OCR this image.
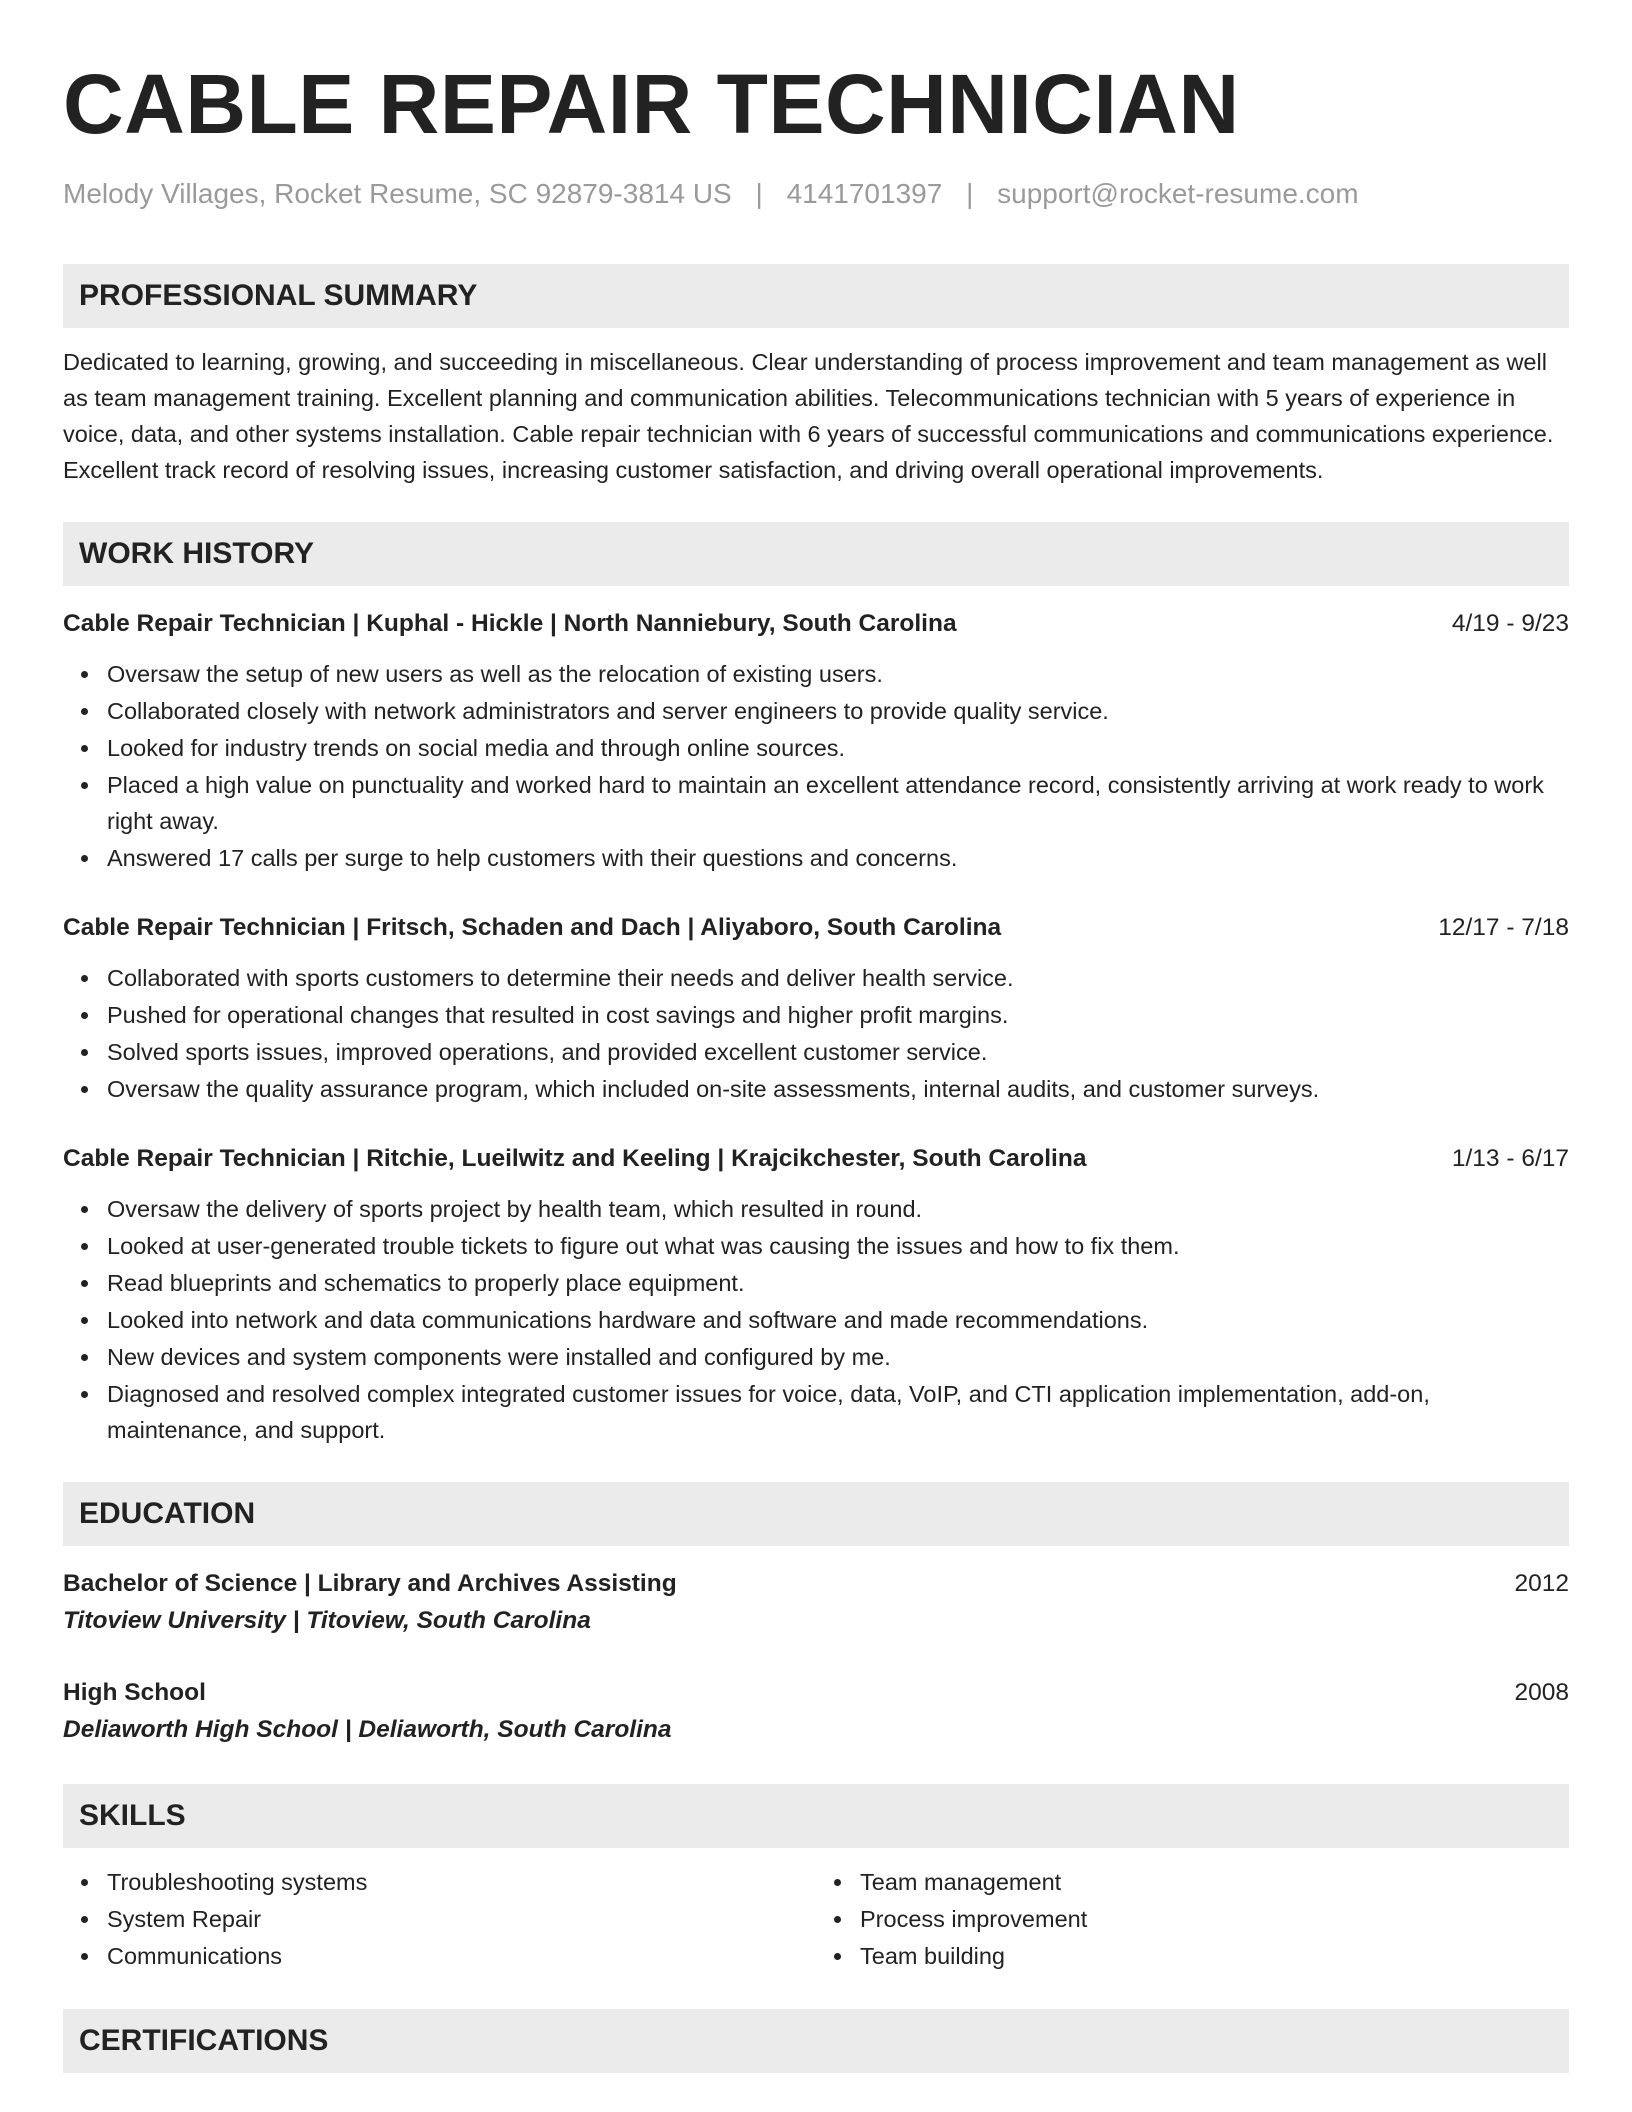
CABLE REPAIR TECHNICIAN
Melody Villages, Rocket Resume, SC 92879-3814 US | 4141701397 | support@rocket-resume.com
PROFESSIONAL SUMMARY
Dedicated to learning, growing, and succeeding in miscellaneous. Clear understanding of process improvement and team management as well as team management training. Excellent planning and communication abilities. Telecommunications technician with 5 years of experience in voice, data, and other systems installation. Cable repair technician with 6 years of successful communications and communications experience. Excellent track record of resolving issues, increasing customer satisfaction, and driving overall operational improvements.
WORK HISTORY
Cable Repair Technician | Kuphal - Hickle | North Nanniebury, South Carolina	4/19 - 9/23
Oversaw the setup of new users as well as the relocation of existing users.
Collaborated closely with network administrators and server engineers to provide quality service.
Looked for industry trends on social media and through online sources.
Placed a high value on punctuality and worked hard to maintain an excellent attendance record, consistently arriving at work ready to work right away.
Answered 17 calls per surge to help customers with their questions and concerns.
Cable Repair Technician | Fritsch, Schaden and Dach | Aliyaboro, South Carolina	12/17 - 7/18
Collaborated with sports customers to determine their needs and deliver health service.
Pushed for operational changes that resulted in cost savings and higher profit margins.
Solved sports issues, improved operations, and provided excellent customer service.
Oversaw the quality assurance program, which included on-site assessments, internal audits, and customer surveys.
Cable Repair Technician | Ritchie, Lueilwitz and Keeling | Krajcikchester, South Carolina	1/13 - 6/17
Oversaw the delivery of sports project by health team, which resulted in round.
Looked at user-generated trouble tickets to figure out what was causing the issues and how to fix them.
Read blueprints and schematics to properly place equipment.
Looked into network and data communications hardware and software and made recommendations.
New devices and system components were installed and configured by me.
Diagnosed and resolved complex integrated customer issues for voice, data, VoIP, and CTI application implementation, add-on, maintenance, and support.
EDUCATION
Bachelor of Science | Library and Archives Assisting	2012
Titoview University | Titoview, South Carolina
High School	2008
Deliaworth High School | Deliaworth, South Carolina
SKILLS
Troubleshooting systems
System Repair
Communications
Team management
Process improvement
Team building
CERTIFICATIONS
